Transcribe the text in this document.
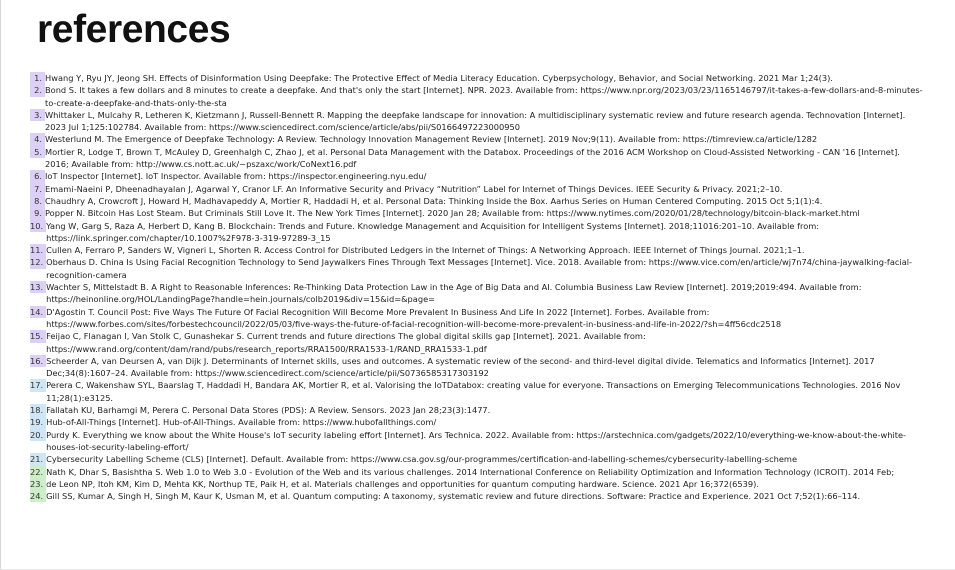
references
1. Hwang Y, Ryu JY, Jeong SH. Effects of Disinformation Using Deepfake: The Protective Effect of Media Literacy Education. Cyberpsychology, Behavior, and Social Networking. 2021 Mar 1;24(3).
2. Bond S. It takes a few dollars and 8 minutes to create a deepfake. And that's only the start [Internet]. NPR. 2023. Available from: https://www.npr.org/2023/03/23/1165146797/it-takes-a-few-dollars-and-8-minutes-to-create-a-deepfake-and-thats-only-the-sta
3. Whittaker L, Mulcahy R, Letheren K, Kietzmann J, Russell-Bennett R. Mapping the deepfake landscape for innovation: A multidisciplinary systematic review and future research agenda. Technovation [Internet]. 2023 Jul 1;125:102784. Available from: https://www.sciencedirect.com/science/article/abs/pii/S0166497223000950
4. Westerlund M. The Emergence of Deepfake Technology: A Review. Technology Innovation Management Review [Internet]. 2019 Nov;9(11). Available from: https://timreview.ca/article/1282
5. Mortier R, Lodge T, Brown T, McAuley D, Greenhalgh C, Zhao J, et al. Personal Data Management with the Databox. Proceedings of the 2016 ACM Workshop on Cloud-Assisted Networking - CAN '16 [Internet]. 2016; Available from: http://www.cs.nott.ac.uk/~pszaxc/work/CoNext16.pdf
6. IoT Inspector [Internet]. IoT Inspector. Available from: https://inspector.engineering.nyu.edu/
7. Emami-Naeini P, Dheenadhayalan J, Agarwal Y, Cranor LF. An Informative Security and Privacy “Nutrition” Label for Internet of Things Devices. IEEE Security & Privacy. 2021;2–10.
8. Chaudhry A, Crowcroft J, Howard H, Madhavapeddy A, Mortier R, Haddadi H, et al. Personal Data: Thinking Inside the Box. Aarhus Series on Human Centered Computing. 2015 Oct 5;1(1):4.
9. Popper N. Bitcoin Has Lost Steam. But Criminals Still Love It. The New York Times [Internet]. 2020 Jan 28; Available from: https://www.nytimes.com/2020/01/28/technology/bitcoin-black-market.html
10. Yang W, Garg S, Raza A, Herbert D, Kang B. Blockchain: Trends and Future. Knowledge Management and Acquisition for Intelligent Systems [Internet]. 2018;11016:201–10. Available from: https://link.springer.com/chapter/10.1007%2F978-3-319-97289-3_15
11. Cullen A, Ferraro P, Sanders W, Vigneri L, Shorten R. Access Control for Distributed Ledgers in the Internet of Things: A Networking Approach. IEEE Internet of Things Journal. 2021;1–1.
12. Oberhaus D. China Is Using Facial Recognition Technology to Send Jaywalkers Fines Through Text Messages [Internet]. Vice. 2018. Available from: https://www.vice.com/en/article/wj7n74/china-jaywalking-facial-recognition-camera
13. Wachter S, Mittelstadt B. A Right to Reasonable Inferences: Re-Thinking Data Protection Law in the Age of Big Data and AI. Columbia Business Law Review [Internet]. 2019;2019:494. Available from: https://heinonline.org/HOL/LandingPage?handle=hein.journals/colb2019&div=15&id=&page=
14. D'Agostin T. Council Post: Five Ways The Future Of Facial Recognition Will Become More Prevalent In Business And Life In 2022 [Internet]. Forbes. Available from: https://www.forbes.com/sites/forbestechcouncil/2022/05/03/five-ways-the-future-of-facial-recognition-will-become-more-prevalent-in-business-and-life-in-2022/?sh=4ff56cdc2518
15. Feijao C, Flanagan I, Van Stolk C, Gunashekar S. Current trends and future directions The global digital skills gap [Internet]. 2021. Available from: https://www.rand.org/content/dam/rand/pubs/research_reports/RRA1500/RRA1533-1/RAND_RRA1533-1.pdf
16. Scheerder A, van Deursen A, van Dijk J. Determinants of Internet skills, uses and outcomes. A systematic review of the second- and third-level digital divide. Telematics and Informatics [Internet]. 2017 Dec;34(8):1607–24. Available from: https://www.sciencedirect.com/science/article/pii/S0736585317303192
17. Perera C, Wakenshaw SYL, Baarslag T, Haddadi H, Bandara AK, Mortier R, et al. Valorising the IoTDatabox: creating value for everyone. Transactions on Emerging Telecommunications Technologies. 2016 Nov 11;28(1):e3125.
18. Fallatah KU, Barhamgi M, Perera C. Personal Data Stores (PDS): A Review. Sensors. 2023 Jan 28;23(3):1477.
19. Hub-of-All-Things [Internet]. Hub-of-All-Things. Available from: https://www.hubofallthings.com/
20. Purdy K. Everything we know about the White House's IoT security labeling effort [Internet]. Ars Technica. 2022. Available from: https://arstechnica.com/gadgets/2022/10/everything-we-know-about-the-white-houses-iot-security-labeling-effort/
21. Cybersecurity Labelling Scheme (CLS) [Internet]. Default. Available from: https://www.csa.gov.sg/our-programmes/certification-and-labelling-schemes/cybersecurity-labelling-scheme
22. Nath K, Dhar S, Basishtha S. Web 1.0 to Web 3.0 - Evolution of the Web and its various challenges. 2014 International Conference on Reliability Optimization and Information Technology (ICROIT). 2014 Feb;
23. de Leon NP, Itoh KM, Kim D, Mehta KK, Northup TE, Paik H, et al. Materials challenges and opportunities for quantum computing hardware. Science. 2021 Apr 16;372(6539).
24. Gill SS, Kumar A, Singh H, Singh M, Kaur K, Usman M, et al. Quantum computing: A taxonomy, systematic review and future directions. Software: Practice and Experience. 2021 Oct 7;52(1):66–114.
